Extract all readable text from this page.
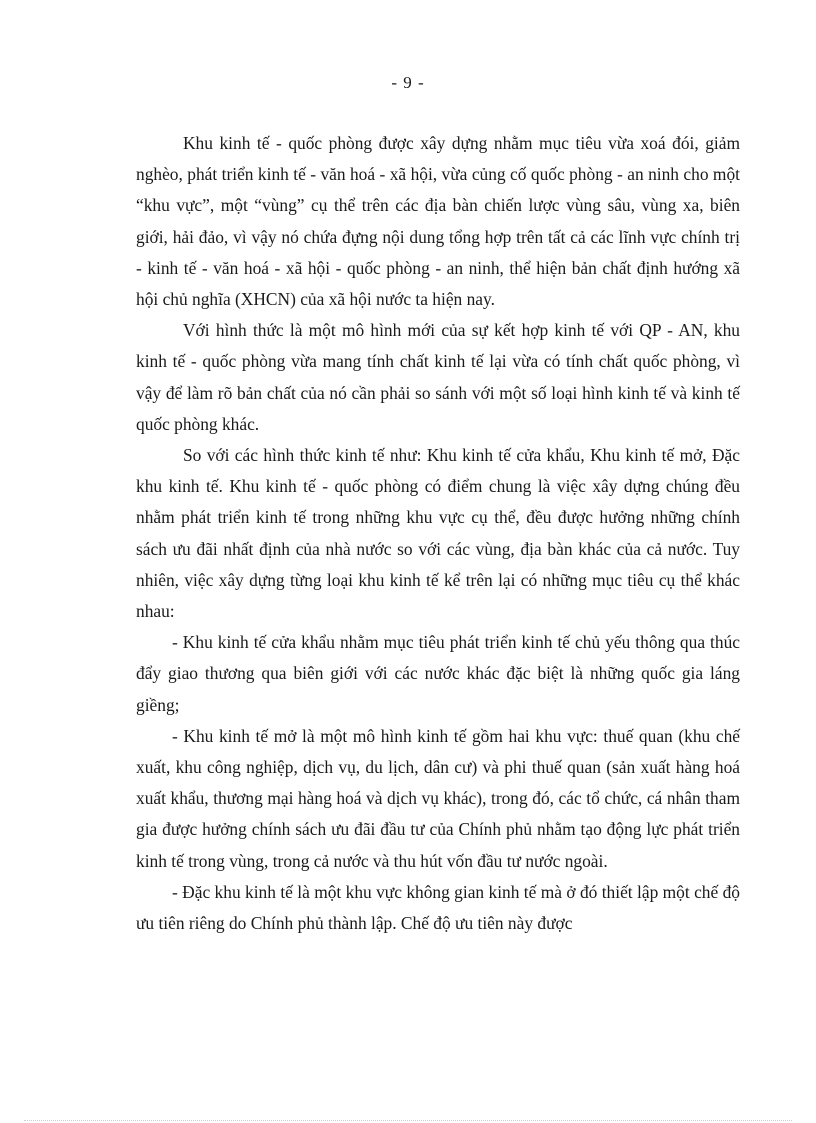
- 9 -

Khu kinh tế - quốc phòng được xây dựng nhằm mục tiêu vừa xoá đói, giảm nghèo, phát triển kinh tế - văn hoá - xã hội, vừa củng cố quốc phòng - an ninh cho một “khu vực”, một “vùng” cụ thể trên các địa bàn chiến lược vùng sâu, vùng xa, biên giới, hải đảo, vì vậy nó chứa đựng nội dung tổng hợp trên tất cả các lĩnh vực chính trị - kinh tế - văn hoá - xã hội - quốc phòng - an ninh, thể hiện bản chất định hướng xã hội chủ nghĩa (XHCN) của xã hội nước ta hiện nay.

Với hình thức là một mô hình mới của sự kết hợp kinh tế với QP - AN, khu kinh tế - quốc phòng vừa mang tính chất kinh tế lại vừa có tính chất quốc phòng, vì vậy để làm rõ bản chất của nó cần phải so sánh với một số loại hình kinh tế và kinh tế quốc phòng khác.

So với các hình thức kinh tế như: Khu kinh tế cửa khẩu, Khu kinh tế mở, Đặc khu kinh tế. Khu kinh tế - quốc phòng có điểm chung là việc xây dựng chúng đều nhằm phát triển kinh tế trong những khu vực cụ thể, đều được hưởng những chính sách ưu đãi nhất định của nhà nước so với các vùng, địa bàn khác của cả nước. Tuy nhiên, việc xây dựng từng loại khu kinh tế kể trên lại có những mục tiêu cụ thể khác nhau:

- Khu kinh tế cửa khẩu nhằm mục tiêu phát triển kinh tế chủ yếu thông qua thúc đẩy giao thương qua biên giới với các nước khác đặc biệt là những quốc gia láng giềng;

- Khu kinh tế mở là một mô hình kinh tế gồm hai khu vực: thuế quan (khu chế xuất, khu công nghiệp, dịch vụ, du lịch, dân cư) và phi thuế quan (sản xuất hàng hoá xuất khẩu, thương mại hàng hoá và dịch vụ khác), trong đó, các tổ chức, cá nhân tham gia được hưởng chính sách ưu đãi đầu tư của Chính phủ nhằm tạo động lực phát triển kinh tế trong vùng, trong cả nước và thu hút vốn đầu tư nước ngoài.

- Đặc khu kinh tế là một khu vực không gian kinh tế mà ở đó thiết lập một chế độ ưu tiên riêng do Chính phủ thành lập. Chế độ ưu tiên này được
